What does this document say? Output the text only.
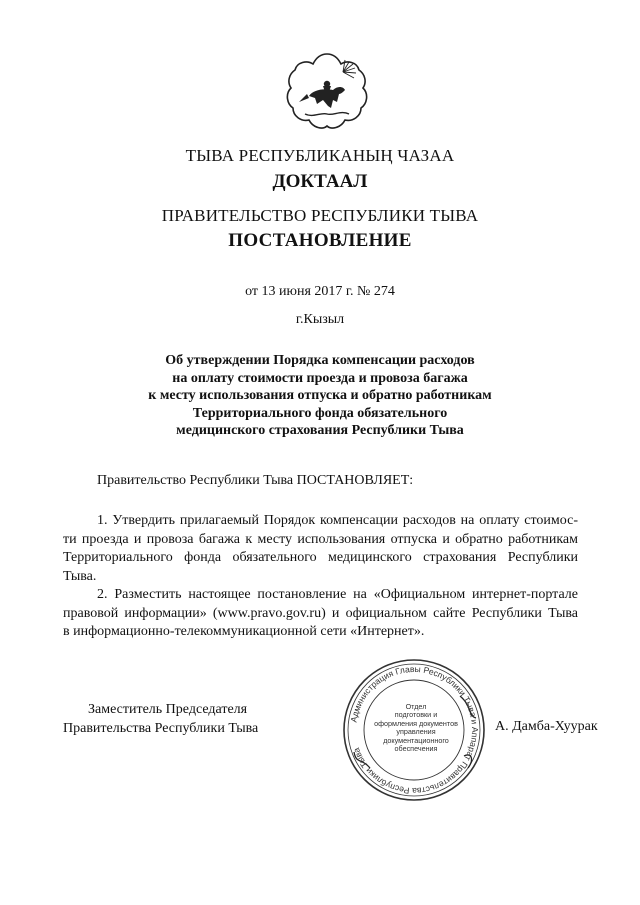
ТЫВА РЕСПУБЛИКАНЫҢ ЧАЗАА
ДОКТААЛ
ПРАВИТЕЛЬСТВО РЕСПУБЛИКИ ТЫВА
ПОСТАНОВЛЕНИЕ
от 13 июня 2017 г. № 274
г.Кызыл
Об утверждении Порядка компенсации расходов
на оплату стоимости проезда и провоза багажа
к месту использования отпуска и обратно работникам
Территориального фонда обязательного
медицинского страхования Республики Тыва
Правительство Республики Тыва ПОСТАНОВЛЯЕТ:
1. Утвердить прилагаемый Порядок компенсации расходов на оплату стоимос-
ти проезда и провоза багажа к месту использования отпуска и обратно работникам
Территориального фонда обязательного медицинского страхования Республики
Тыва.
2. Разместить настоящее постановление на «Официальном интернет-портале
правовой информации» (www.pravo.gov.ru) и официальном сайте Республики Тыва
в информационно-телекоммуникационной сети «Интернет».
Заместитель Председателя
Правительства Республики Тыва
Администрация Главы Республики Тыва и Аппарат Правительства Республики Тыва
Отдел
подготовки и
оформления документов
управления
документационного
обеспечения
А. Дамба-Хуурак
